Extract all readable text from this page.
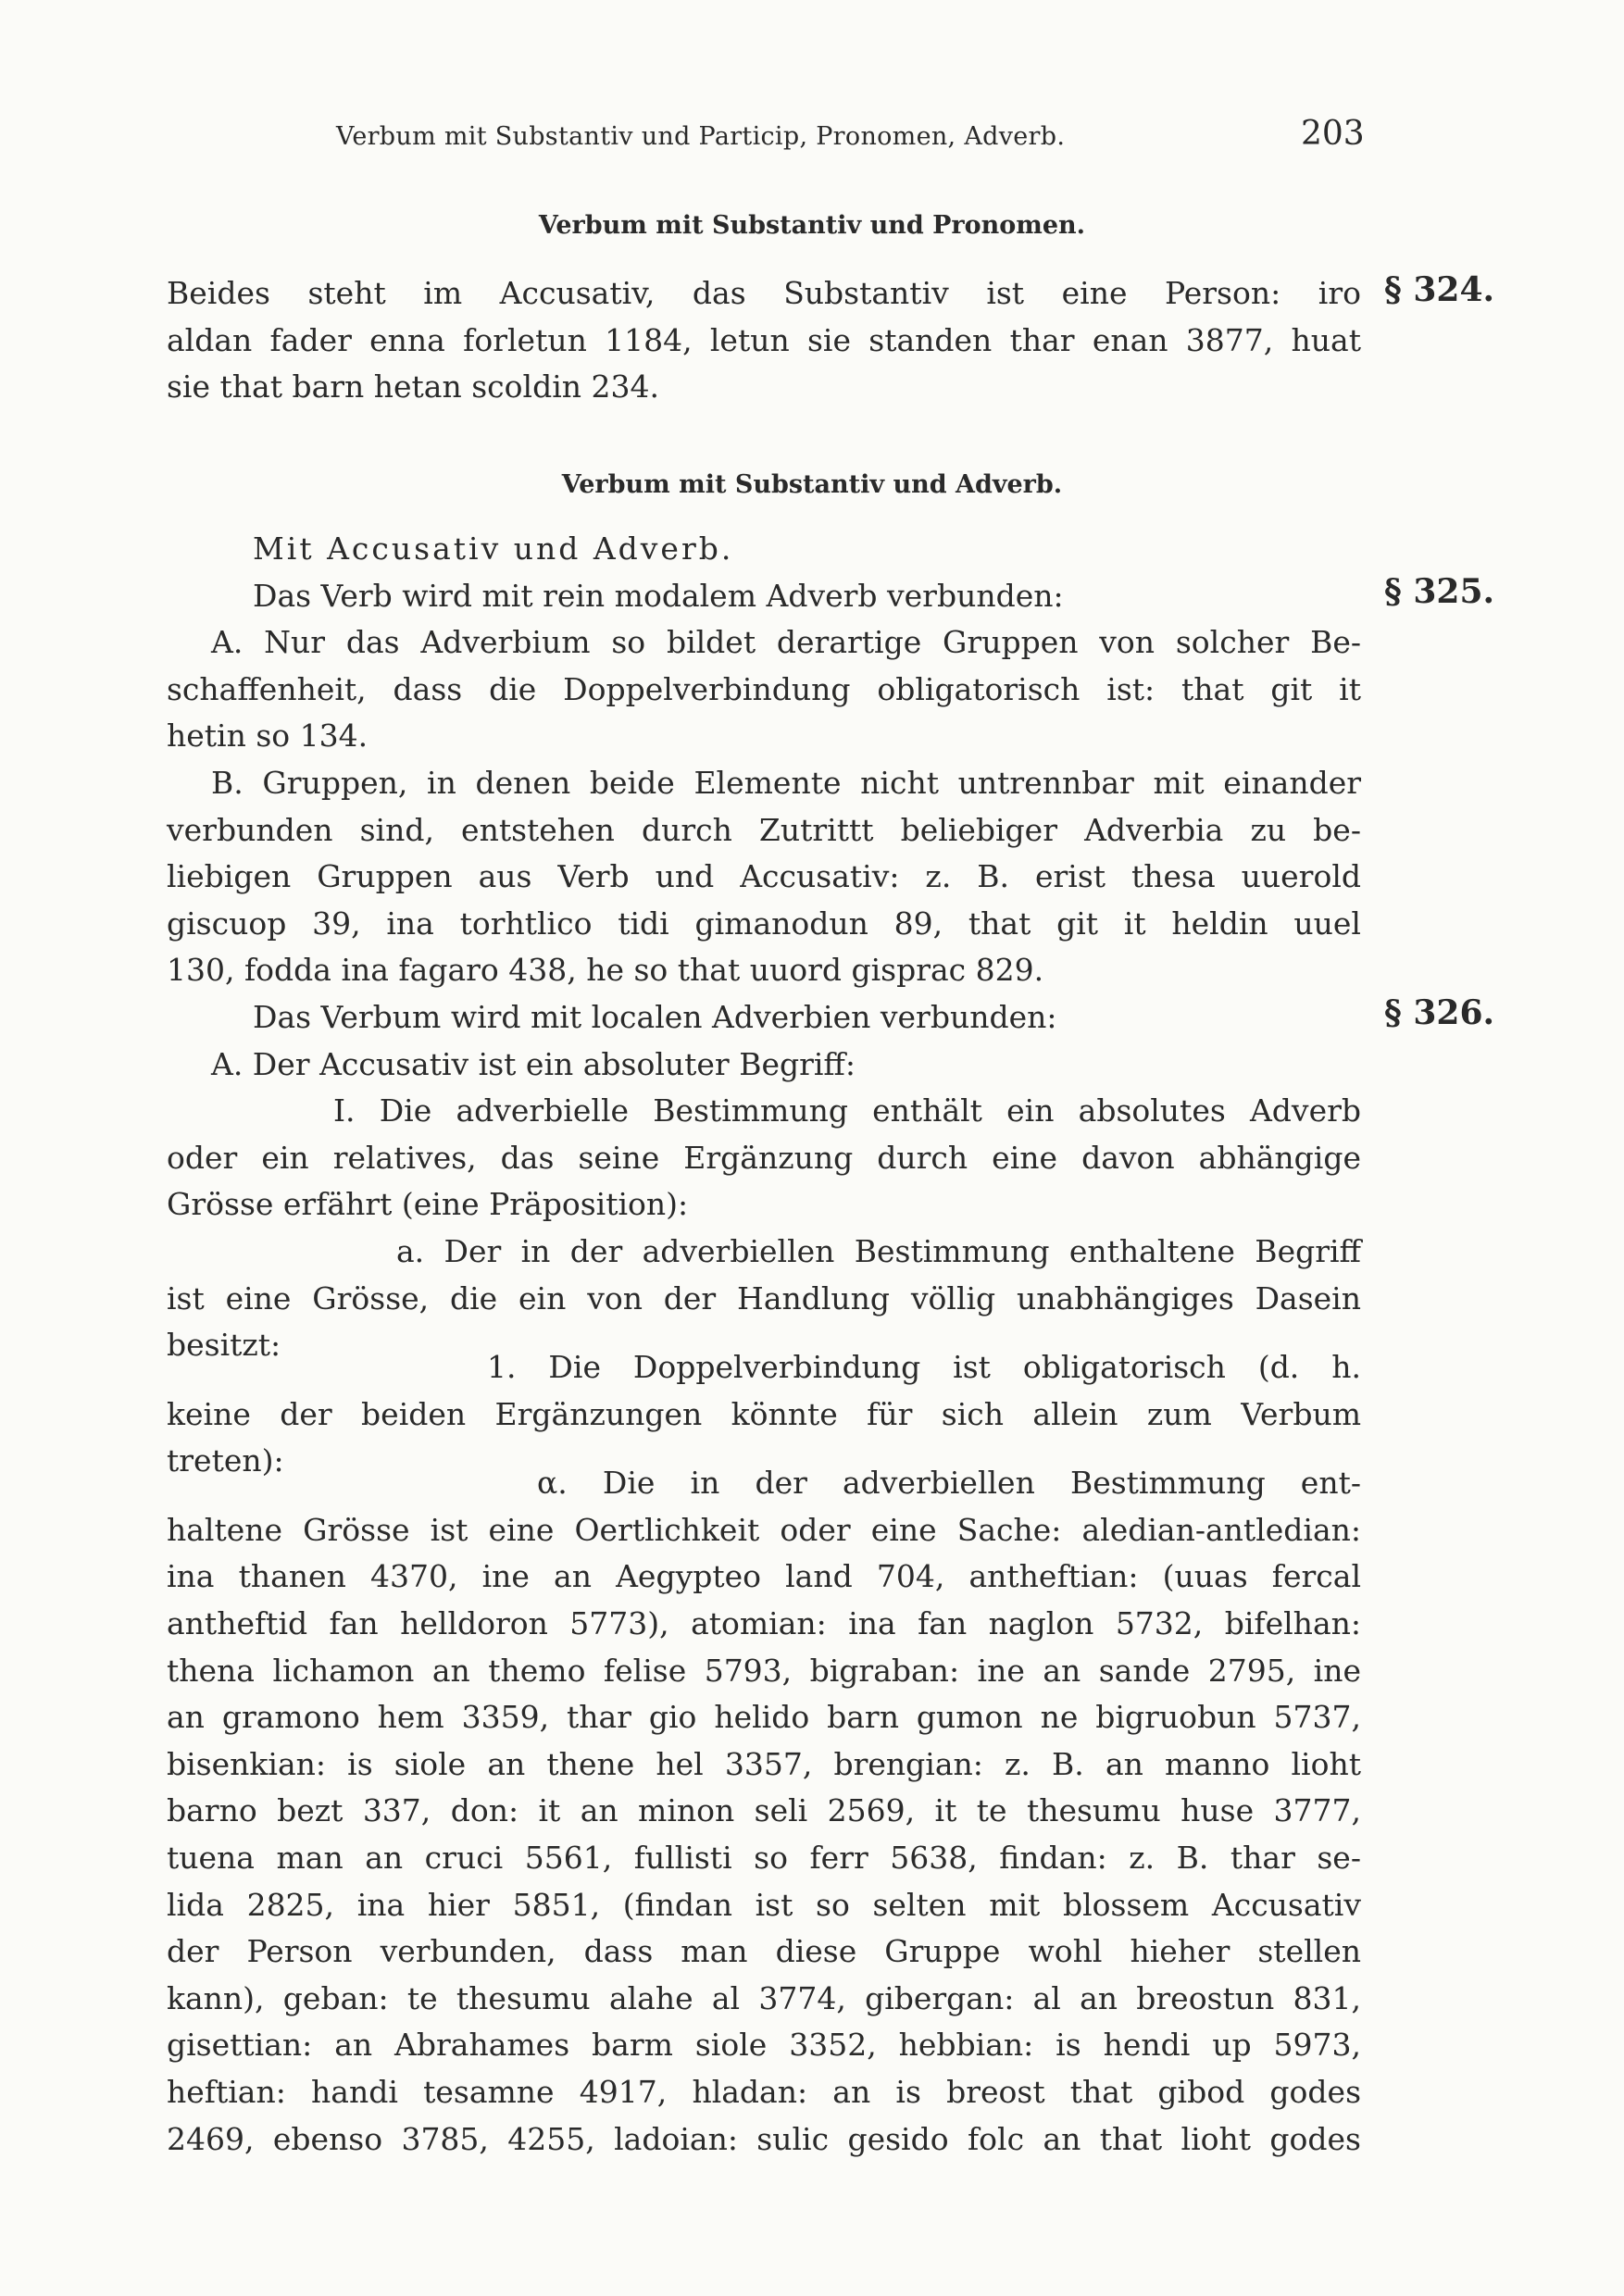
Verbum mit Substantiv und Particip, Pronomen, Adverb.	203
Verbum mit Substantiv und Pronomen.
§ 324.
Beides steht im Accusativ, das Substantiv ist eine Person: iro
aldan fader enna forletun 1184, letun sie standen thar enan 3877, huat
sie that barn hetan scoldin 234.
Verbum mit Substantiv und Adverb.
§ 325.
§ 326.
Mit Accusativ und Adverb.
Das Verb wird mit rein modalem Adverb verbunden:
A. Nur das Adverbium so bildet derartige Gruppen von solcher Be-
schaffenheit, dass die Doppelverbindung obligatorisch ist: that git it
hetin so 134.
B. Gruppen, in denen beide Elemente nicht untrennbar mit einander
verbunden sind, entstehen durch Zutrittt beliebiger Adverbia zu be-
liebigen Gruppen aus Verb und Accusativ: z. B. erist thesa uuerold
giscuop 39, ina torhtlico tidi gimanodun 89, that git it heldin uuel
130, fodda ina fagaro 438, he so that uuord gisprac 829.
Das Verbum wird mit localen Adverbien verbunden:
A. Der Accusativ ist ein absoluter Begriff:
I. Die adverbielle Bestimmung enthält ein absolutes Adverb
oder ein relatives, das seine Ergänzung durch eine davon abhängige
Grösse erfährt (eine Präposition):
a. Der in der adverbiellen Bestimmung enthaltene Begriff
ist eine Grösse, die ein von der Handlung völlig unabhängiges Dasein
besitzt:
1. Die Doppelverbindung ist obligatorisch (d. h.
keine der beiden Ergänzungen könnte für sich allein zum Verbum
treten):
α. Die in der adverbiellen Bestimmung ent-
haltene Grösse ist eine Oertlichkeit oder eine Sache: aledian-antledian:
ina thanen 4370, ine an Aegypteo land 704, antheftian: (uuas fercal
antheftid fan helldoron 5773), atomian: ina fan naglon 5732, bifelhan:
thena lichamon an themo felise 5793, bigraban: ine an sande 2795, ine
an gramono hem 3359, thar gio helido barn gumon ne bigruobun 5737,
bisenkian: is siole an thene hel 3357, brengian: z. B. an manno lioht
barno bezt 337, don: it an minon seli 2569, it te thesumu huse 3777,
tuena man an cruci 5561, fullisti so ferr 5638, findan: z. B. thar se-
lida 2825, ina hier 5851, (findan ist so selten mit blossem Accusativ
der Person verbunden, dass man diese Gruppe wohl hieher stellen
kann), geban: te thesumu alahe al 3774, gibergan: al an breostun 831,
gisettian: an Abrahames barm siole 3352, hebbian: is hendi up 5973,
heftian: handi tesamne 4917, hladan: an is breost that gibod godes
2469, ebenso 3785, 4255, ladoian: sulic gesido folc an that lioht godes
